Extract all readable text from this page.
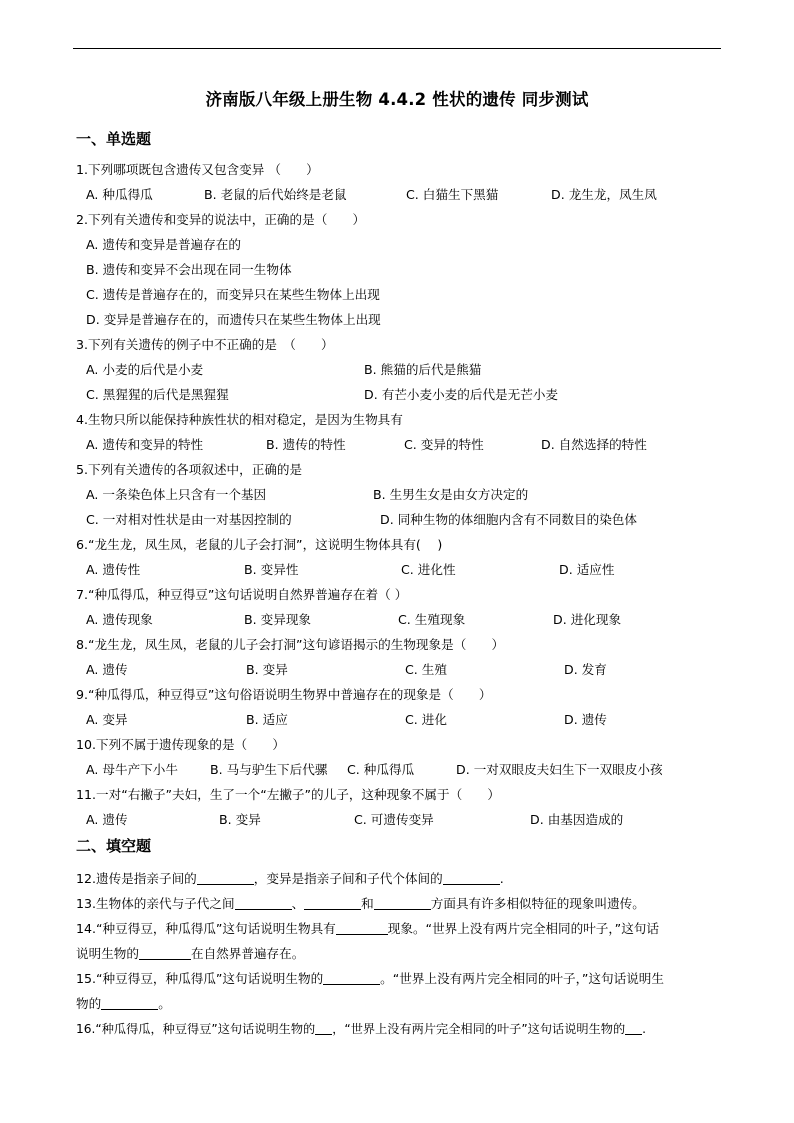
济南版八年级上册生物 4.4.2 性状的遗传 同步测试
一、单选题
1.下列哪项既包含遗传又包含变异 （　　）
A. 种瓜得瓜	B. 老鼠的后代始终是老鼠	C. 白猫生下黑猫	D. 龙生龙，凤生凤
2.下列有关遗传和变异的说法中，正确的是（　　）
A. 遗传和变异是普遍存在的
B. 遗传和变异不会出现在同一生物体
C. 遗传是普遍存在的，而变异只在某些生物体上出现
D. 变异是普遍存在的，而遗传只在某些生物体上出现
3.下列有关遗传的例子中不正确的是　（　　）
A. 小麦的后代是小麦	B. 熊猫的后代是熊猫
C. 黑猩猩的后代是黑猩猩	D. 有芒小麦小麦的后代是无芒小麦
4.生物只所以能保持种族性状的相对稳定，是因为生物具有
A. 遗传和变异的特性	B. 遗传的特性	C. 变异的特性	D. 自然选择的特性
5.下列有关遗传的各项叙述中，正确的是
A. 一条染色体上只含有一个基因	B. 生男生女是由女方决定的
C. 一对相对性状是由一对基因控制的	D. 同种生物的体细胞内含有不同数目的染色体
6.“龙生龙，凤生凤，老鼠的儿子会打洞”，这说明生物体具有(　 )
A. 遗传性	B. 变异性	C. 进化性	D. 适应性
7.“种瓜得瓜，种豆得豆”这句话说明自然界普遍存在着（ ）
A. 遗传现象	B. 变异现象	C. 生殖现象	D. 进化现象
8.“龙生龙，凤生凤，老鼠的儿子会打洞”这句谚语揭示的生物现象是（　　）
A. 遗传	B. 变异	C. 生殖	D. 发育
9.“种瓜得瓜，种豆得豆”这句俗语说明生物界中普遍存在的现象是（　　）
A. 变异	B. 适应	C. 进化	D. 遗传
10.下列不属于遗传现象的是（　　）
A. 母牛产下小牛	B. 马与驴生下后代骡 C. 种瓜得瓜	D. 一对双眼皮夫妇生下一双眼皮小孩
11.一对“右撇子”夫妇，生了一个“左撇子”的儿子，这种现象不属于（　　）
A. 遗传	B. 变异	C. 可遗传变异	D. 由基因造成的
二、填空题
12.遗传是指亲子间的	，变异是指亲子间和子代个体间的	.
13.生物体的亲代与子代之间	、	和	方面具有许多相似特征的现象叫遗传。
14.“种豆得豆，种瓜得瓜”这句话说明生物具有	现象。“世界上没有两片完全相同的叶子，”这句话
说明生物的	在自然界普遍存在。
15.“种豆得豆，种瓜得瓜”这句话说明生物的	。“世界上没有两片完全相同的叶子，”这句话说明生
物的	。
16.“种瓜得瓜，种豆得豆”这句话说明生物的 ，“世界上没有两片完全相同的叶子”这句话说明生物的 .
